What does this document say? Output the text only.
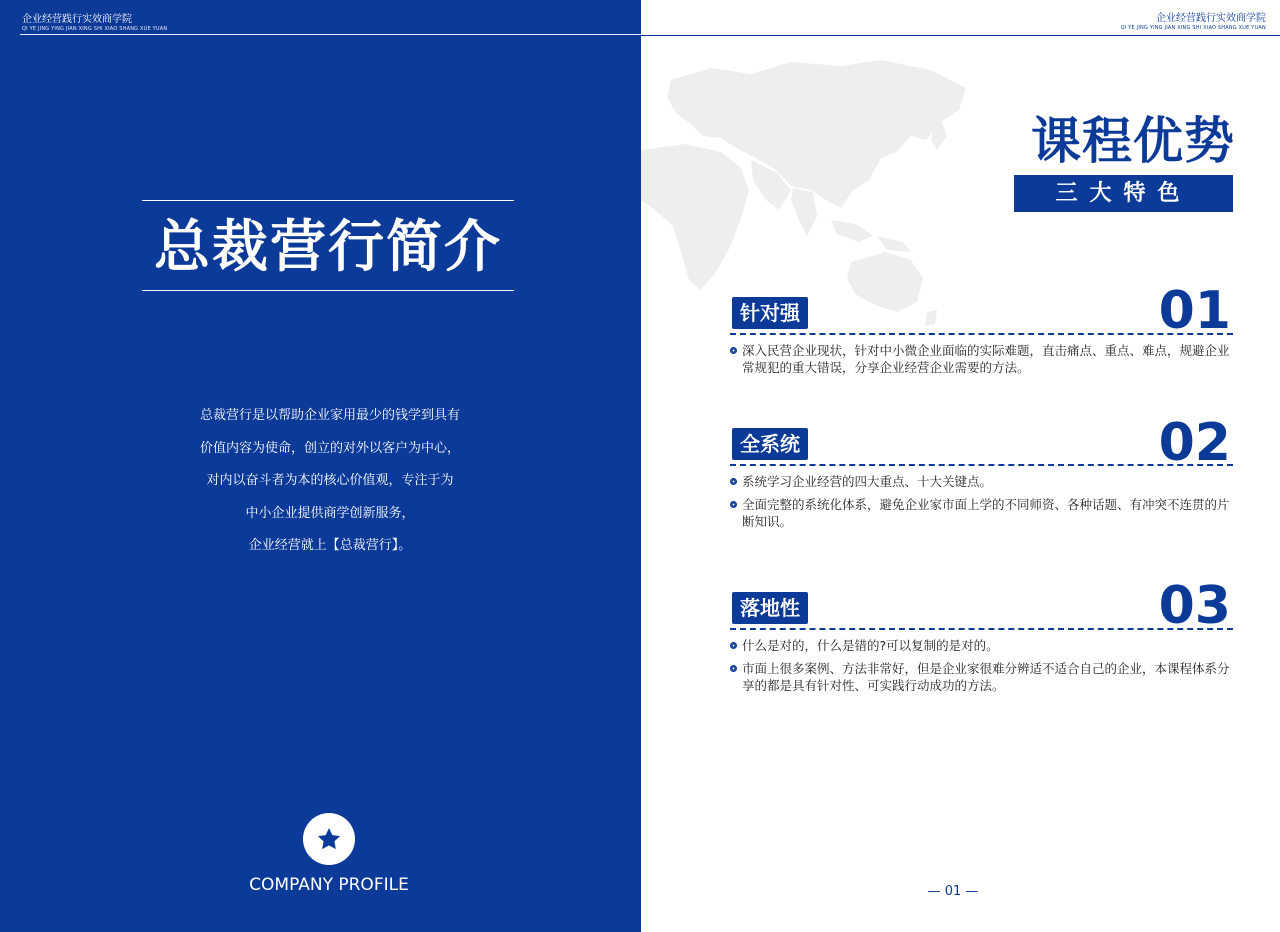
企业经营践行实效商学院
QI YE JING YING JIAN XING SHI XIAO SHANG XUE YUAN
总裁营行简介
总裁营行是以帮助企业家用最少的钱学到具有
价值内容为使命，创立的对外以客户为中心，
对内以奋斗者为本的核心价值观，专注于为
中小企业提供商学创新服务，
企业经营就上【总裁营行】。
COMPANY PROFILE
企业经营践行实效商学院
QI YE JING YING JIAN XING SHI XIAO SHANG XUE YUAN
课程优势
三大特色
针对强	01
深入民营企业现状，针对中小微企业面临的实际难题，直击痛点、重点、难点，规避企业常规犯的重大错误，分享企业经营企业需要的方法。
全系统	02
系统学习企业经营的四大重点、十大关键点。
全面完整的系统化体系，避免企业家市面上学的不同师资、各种话题、有冲突不连贯的片断知识。
落地性	03
什么是对的，什么是错的?可以复制的是对的。
市面上很多案例、方法非常好，但是企业家很难分辨适不适合自己的企业，本课程体系分享的都是具有针对性、可实践行动成功的方法。
— 01 —
